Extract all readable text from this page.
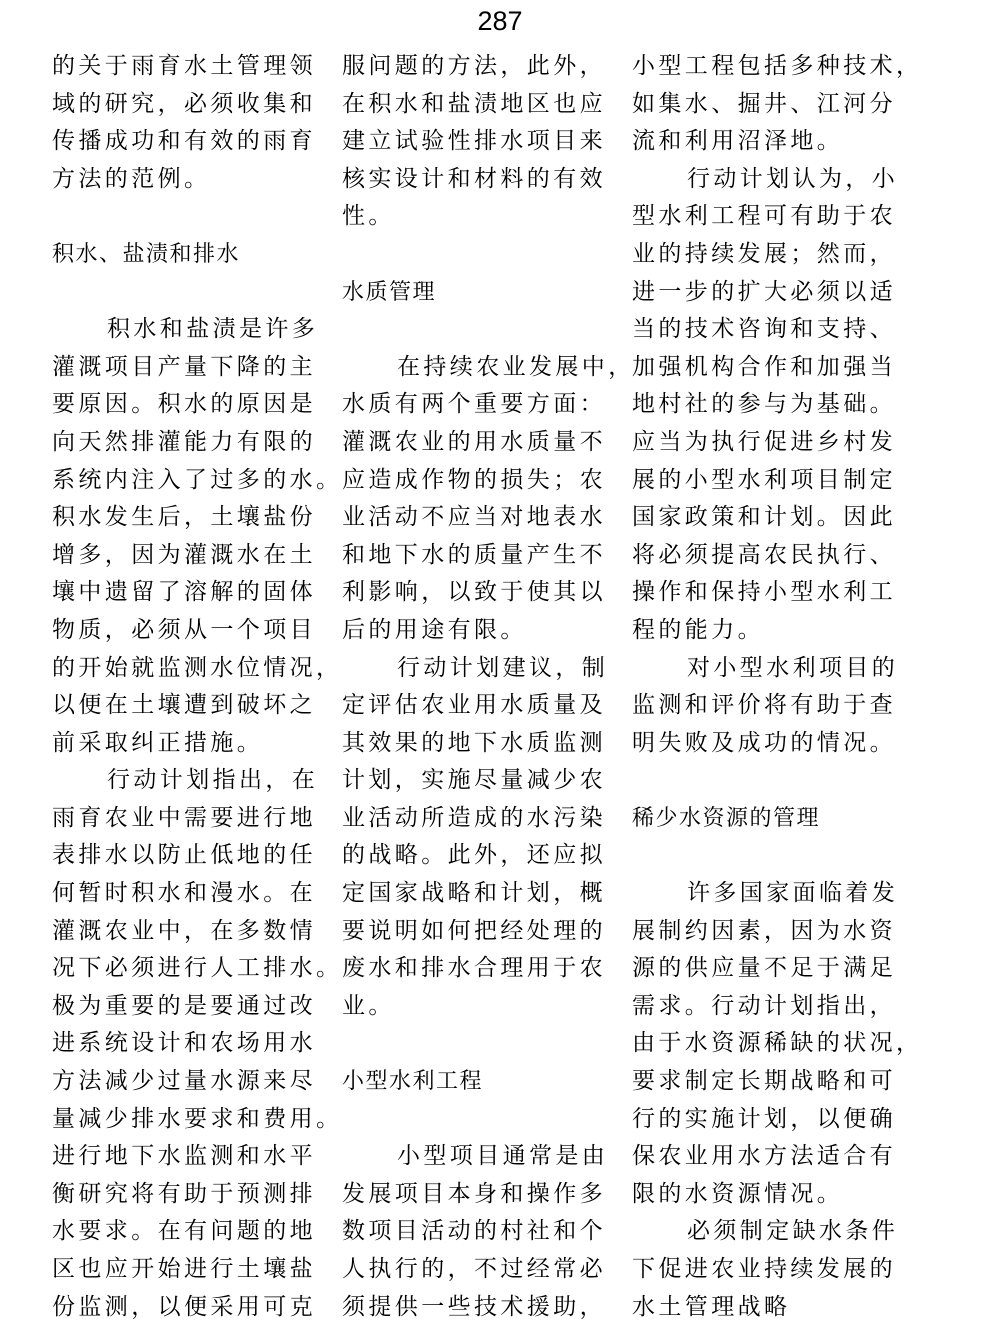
287
的关于雨育水土管理领
域的研究，必须收集和
传播成功和有效的雨育
方法的范例。
积水、盐渍和排水
积水和盐渍是许多
灌溉项目产量下降的主
要原因。积水的原因是
向天然排灌能力有限的
系统内注入了过多的水。
积水发生后，土壤盐份
增多，因为灌溉水在土
壤中遗留了溶解的固体
物质，必须从一个项目
的开始就监测水位情况，
以便在土壤遭到破坏之
前采取纠正措施。
行动计划指出，在
雨育农业中需要进行地
表排水以防止低地的任
何暂时积水和漫水。在
灌溉农业中，在多数情
况下必须进行人工排水。
极为重要的是要通过改
进系统设计和农场用水
方法减少过量水源来尽
量减少排水要求和费用。
进行地下水监测和水平
衡研究将有助于预测排
水要求。在有问题的地
区也应开始进行土壤盐
份监测，以便采用可克
服问题的方法，此外，
在积水和盐渍地区也应
建立试验性排水项目来
核实设计和材料的有效
性。
水质管理
在持续农业发展中，
水质有两个重要方面：
灌溉农业的用水质量不
应造成作物的损失；农
业活动不应当对地表水
和地下水的质量产生不
利影响，以致于使其以
后的用途有限。
行动计划建议，制
定评估农业用水质量及
其效果的地下水质监测
计划，实施尽量减少农
业活动所造成的水污染
的战略。此外，还应拟
定国家战略和计划，概
要说明如何把经处理的
废水和排水合理用于农
业。
小型水利工程
小型项目通常是由
发展项目本身和操作多
数项目活动的村社和个
人执行的，不过经常必
须提供一些技术援助，
小型工程包括多种技术，
如集水、掘井、江河分
流和利用沼泽地。
行动计划认为，小
型水利工程可有助于农
业的持续发展；然而，
进一步的扩大必须以适
当的技术咨询和支持、
加强机构合作和加强当
地村社的参与为基础。
应当为执行促进乡村发
展的小型水利项目制定
国家政策和计划。因此
将必须提高农民执行、
操作和保持小型水利工
程的能力。
对小型水利项目的
监测和评价将有助于查
明失败及成功的情况。
稀少水资源的管理
许多国家面临着发
展制约因素，因为水资
源的供应量不足于满足
需求。行动计划指出，
由于水资源稀缺的状况，
要求制定长期战略和可
行的实施计划，以便确
保农业用水方法适合有
限的水资源情况。
必须制定缺水条件
下促进农业持续发展的
水土管理战略
